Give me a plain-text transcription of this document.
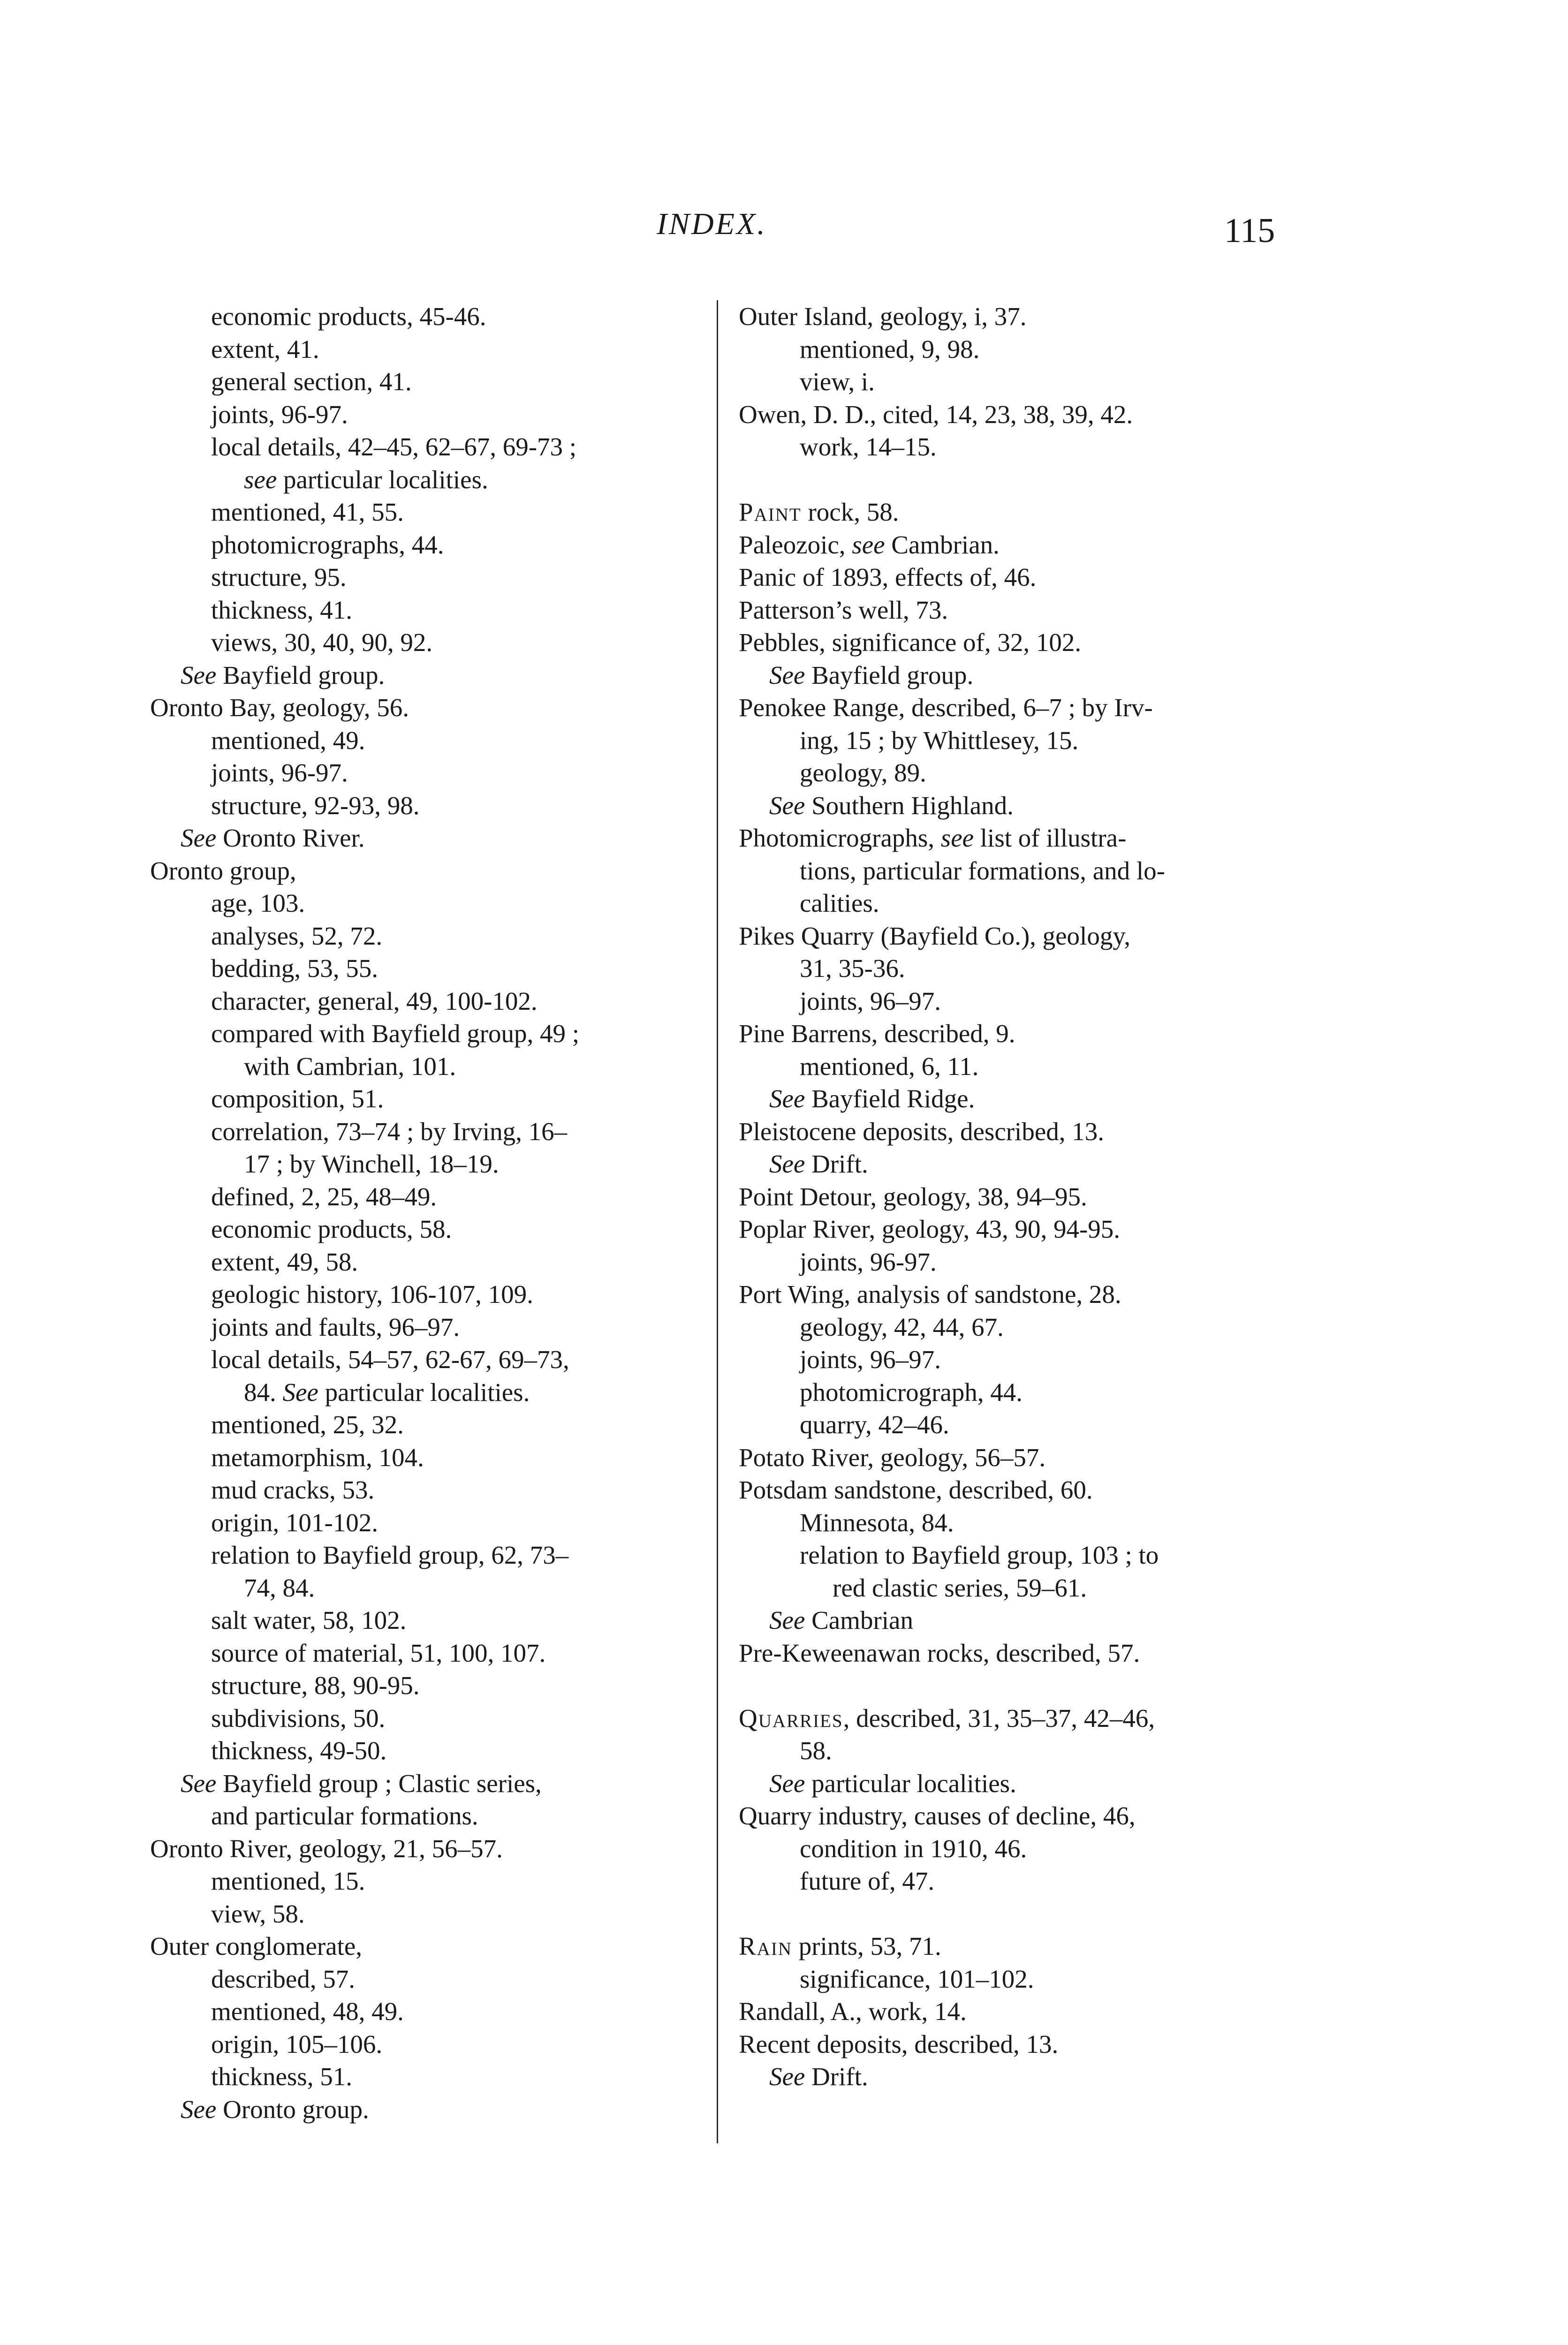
INDEX.	115
economic products, 45-46.
extent, 41.
general section, 41.
joints, 96-97.
local details, 42–45, 62–67, 69-73 ;
see particular localities.
mentioned, 41, 55.
photomicrographs, 44.
structure, 95.
thickness, 41.
views, 30, 40, 90, 92.
See Bayfield group.
Oronto Bay, geology, 56.
mentioned, 49.
joints, 96-97.
structure, 92-93, 98.
See Oronto River.
Oronto group,
age, 103.
analyses, 52, 72.
bedding, 53, 55.
character, general, 49, 100-102.
compared with Bayfield group, 49 ;
with Cambrian, 101.
composition, 51.
correlation, 73–74 ; by Irving, 16–
17 ; by Winchell, 18–19.
defined, 2, 25, 48–49.
economic products, 58.
extent, 49, 58.
geologic history, 106-107, 109.
joints and faults, 96–97.
local details, 54–57, 62-67, 69–73,
84. See particular localities.
mentioned, 25, 32.
metamorphism, 104.
mud cracks, 53.
origin, 101-102.
relation to Bayfield group, 62, 73–
74, 84.
salt water, 58, 102.
source of material, 51, 100, 107.
structure, 88, 90-95.
subdivisions, 50.
thickness, 49-50.
See Bayfield group ; Clastic series,
and particular formations.
Oronto River, geology, 21, 56–57.
mentioned, 15.
view, 58.
Outer conglomerate,
described, 57.
mentioned, 48, 49.
origin, 105–106.
thickness, 51.
See Oronto group.
Outer Island, geology, i, 37.
mentioned, 9, 98.
view, i.
Owen, D. D., cited, 14, 23, 38, 39, 42.
work, 14–15.
Paint rock, 58.
Paleozoic, see Cambrian.
Panic of 1893, effects of, 46.
Patterson’s well, 73.
Pebbles, significance of, 32, 102.
See Bayfield group.
Penokee Range, described, 6–7 ; by Irv-
ing, 15 ; by Whittlesey, 15.
geology, 89.
See Southern Highland.
Photomicrographs, see list of illustra-
tions, particular formations, and lo-
calities.
Pikes Quarry (Bayfield Co.), geology,
31, 35-36.
joints, 96–97.
Pine Barrens, described, 9.
mentioned, 6, 11.
See Bayfield Ridge.
Pleistocene deposits, described, 13.
See Drift.
Point Detour, geology, 38, 94–95.
Poplar River, geology, 43, 90, 94-95.
joints, 96-97.
Port Wing, analysis of sandstone, 28.
geology, 42, 44, 67.
joints, 96–97.
photomicrograph, 44.
quarry, 42–46.
Potato River, geology, 56–57.
Potsdam sandstone, described, 60.
Minnesota, 84.
relation to Bayfield group, 103 ; to
red clastic series, 59–61.
See Cambrian
Pre-Keweenawan rocks, described, 57.
Quarries, described, 31, 35–37, 42–46,
58.
See particular localities.
Quarry industry, causes of decline, 46,
condition in 1910, 46.
future of, 47.
Rain prints, 53, 71.
significance, 101–102.
Randall, A., work, 14.
Recent deposits, described, 13.
See Drift.
